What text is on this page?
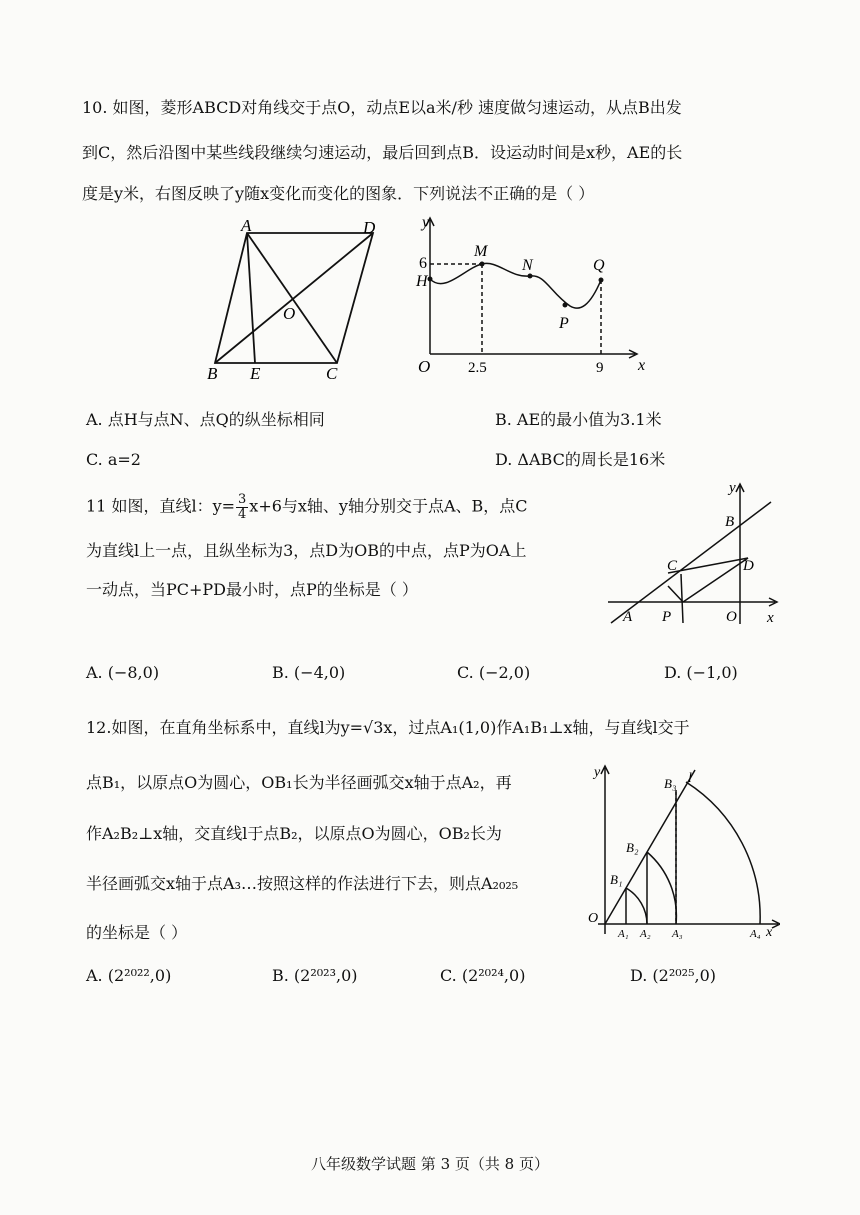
10. 如图，菱形ABCD对角线交于点O，动点E以a米/秒 速度做匀速运动，从点B出发
到C，然后沿图中某些线段继续匀速运动，最后回到点B．设运动时间是x秒，AE的长
度是y米，右图反映了y随x变化而变化的图象．下列说法不正确的是（ ）
A	D
B E	C
O
y
x
O
6
H
M
N
P
Q
2.5	9
A. 点H与点N、点Q的纵坐标相同	B. AE的最小值为3.1米
C. a=2	D. ΔABC的周长是16米
11 如图，直线l：$y= \frac{3}{4} x+6$与x轴、y轴分别交于点A、B，点C
为直线l上一点，且纵坐标为3，点D为OB的中点，点P为OA上
一动点，当PC+PD最小时，点P的坐标是（ ）
y
x
B
C	D
A P	O
A. (−8,0)	B. (−4,0)	C. (−2,0)	D. (−1,0)
12.如图，在直角坐标系中，直线l为y=√3x，过点A₁(1,0)作A₁B₁⊥x轴，与直线l交于
点B₁，以原点O为圆心，OB₁长为半径画弧交x轴于点A₂，再
作A₂B₂⊥x轴，交直线l于点B₂，以原点O为圆心，OB₂长为
半径画弧交x轴于点A₃…按照这样的作法进行下去，则点A₂₀₂₅
的坐标是（ ）
y
x
l
O
B₁
B₂
B₃
A₁ A₂ A₃	A₄
A. (2²⁰²²,0)	B. (2²⁰²³,0)	C. (2²⁰²⁴,0)	D. (2²⁰²⁵,0)
八年级数学试题 第 3 页（共 8 页）
